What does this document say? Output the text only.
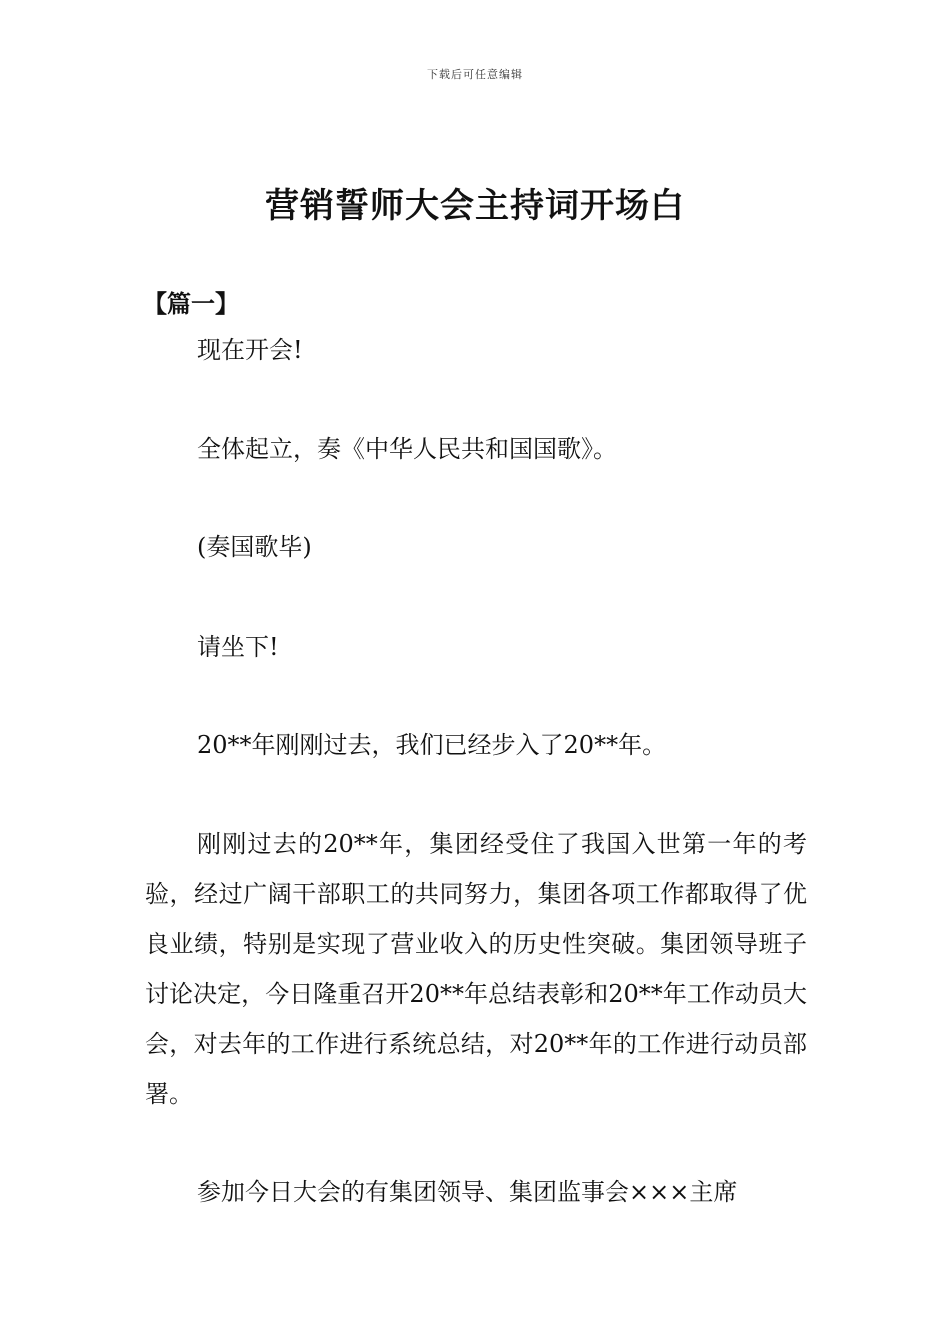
下载后可任意编辑
营销誓师大会主持词开场白
【篇一】

现在开会!

全体起立，奏《中华人民共和国国歌》。

(奏国歌毕)

请坐下!

20**年刚刚过去，我们已经步入了20**年。

刚刚过去的20**年，集团经受住了我国入世第一年的考验，经过广阔干部职工的共同努力，集团各项工作都取得了优良业绩，特别是实现了营业收入的历史性突破。集团领导班子讨论决定，今日隆重召开20**年总结表彰和20**年工作动员大会，对去年的工作进行系统总结，对20**年的工作进行动员部署。

参加今日大会的有集团领导、集团监事会×××主席
